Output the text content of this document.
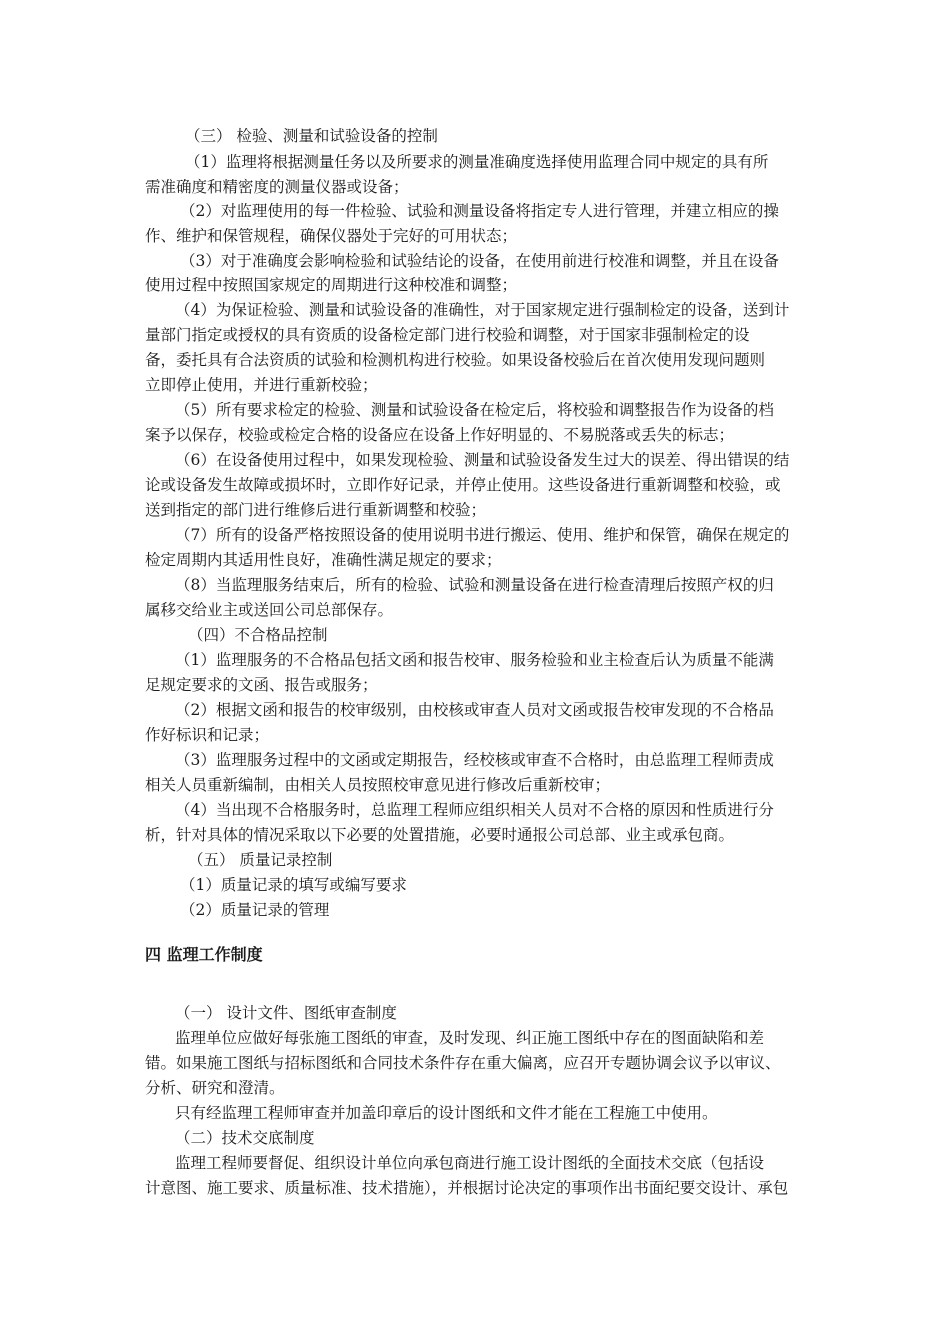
（三） 检验、测量和试验设备的控制

（1）监理将根据测量任务以及所要求的测量准确度选择使用监理合同中规定的具有所

需准确度和精密度的测量仪器或设备；

（2）对监理使用的每一件检验、试验和测量设备将指定专人进行管理，并建立相应的操

作、维护和保管规程，确保仪器处于完好的可用状态；

（3）对于准确度会影响检验和试验结论的设备，在使用前进行校准和调整，并且在设备

使用过程中按照国家规定的周期进行这种校准和调整；

（4）为保证检验、测量和试验设备的准确性，对于国家规定进行强制检定的设备，送到计

量部门指定或授权的具有资质的设备检定部门进行校验和调整，对于国家非强制检定的设

备，委托具有合法资质的试验和检测机构进行校验。如果设备校验后在首次使用发现问题则

立即停止使用，并进行重新校验；

（5）所有要求检定的检验、测量和试验设备在检定后，将校验和调整报告作为设备的档

案予以保存，校验或检定合格的设备应在设备上作好明显的、不易脱落或丢失的标志；

（6）在设备使用过程中，如果发现检验、测量和试验设备发生过大的误差、得出错误的结

论或设备发生故障或损坏时，立即作好记录，并停止使用。这些设备进行重新调整和校验，或

送到指定的部门进行维修后进行重新调整和校验；

（7）所有的设备严格按照设备的使用说明书进行搬运、使用、维护和保管，确保在规定的

检定周期内其适用性良好，准确性满足规定的要求；

（8）当监理服务结束后，所有的检验、试验和测量设备在进行检查清理后按照产权的归

属移交给业主或送回公司总部保存。

（四）不合格品控制

（1）监理服务的不合格品包括文函和报告校审、服务检验和业主检查后认为质量不能满

足规定要求的文函、报告或服务；

（2）根据文函和报告的校审级别，由校核或审查人员对文函或报告校审发现的不合格品

作好标识和记录；

（3）监理服务过程中的文函或定期报告，经校核或审查不合格时，由总监理工程师责成

相关人员重新编制，由相关人员按照校审意见进行修改后重新校审；

（4）当出现不合格服务时，总监理工程师应组织相关人员对不合格的原因和性质进行分

析，针对具体的情况采取以下必要的处置措施，必要时通报公司总部、业主或承包商。

（五） 质量记录控制

（1）质量记录的填写或编写要求

（2）质量记录的管理

四 监理工作制度

（一） 设计文件、图纸审查制度

监理单位应做好每张施工图纸的审查，及时发现、纠正施工图纸中存在的图面缺陷和差

错。如果施工图纸与招标图纸和合同技术条件存在重大偏离，应召开专题协调会议予以审议、

分析、研究和澄清。

只有经监理工程师审查并加盖印章后的设计图纸和文件才能在工程施工中使用。

（二）技术交底制度

监理工程师要督促、组织设计单位向承包商进行施工设计图纸的全面技术交底（包括设

计意图、施工要求、质量标准、技术措施），并根据讨论决定的事项作出书面纪要交设计、承包
